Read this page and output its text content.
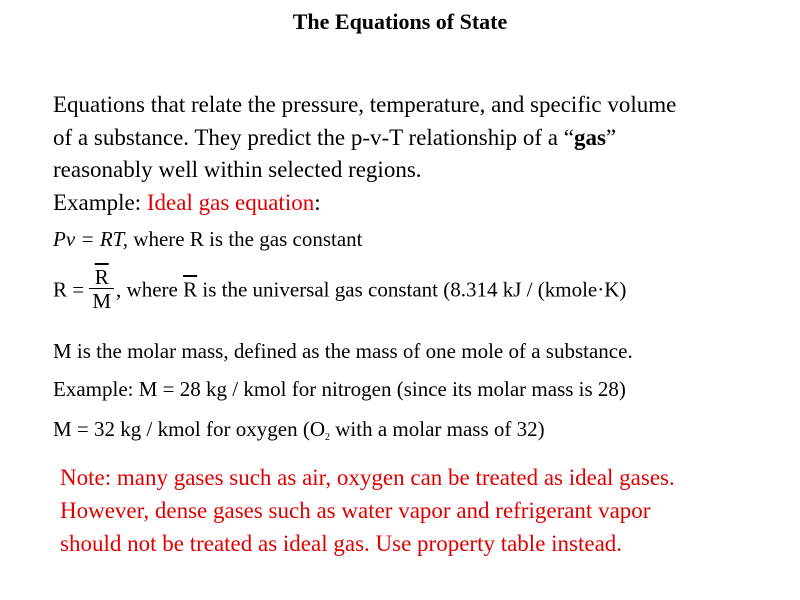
The Equations of State
Equations that relate the pressure, temperature, and specific volume
of a substance. They predict the p-v-T relationship of a “gas”
reasonably well within selected regions.
Example: Ideal gas equation:
Pv = RT, where R is the gas constant
$R = \frac{\overline{R}}{M}$ , where $\overline{R}$ is the universal gas constant (8.314 kJ / (kmole·K)
M is the molar mass, defined as the mass of one mole of a substance.
Example: M = 28 kg / kmol for nitrogen (since its molar mass is 28)
M = 32 kg / kmol for oxygen ($O_2$ with a molar mass of 32)
Note: many gases such as air, oxygen can be treated as ideal gases.
However, dense gases such as water vapor and refrigerant vapor
should not be treated as ideal gas. Use property table instead.
